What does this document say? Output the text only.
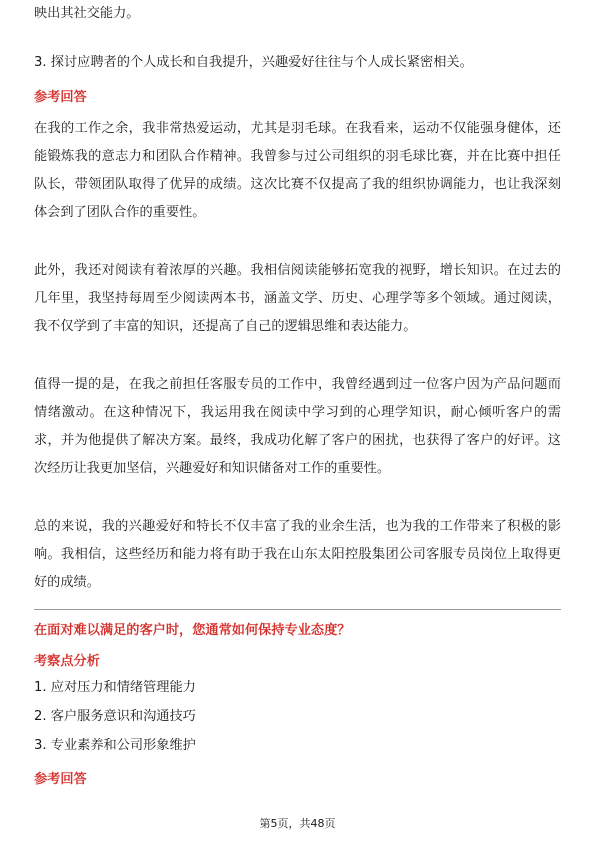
映出其社交能力。
3. 探讨应聘者的个人成长和自我提升，兴趣爱好往往与个人成长紧密相关。
参考回答
在我的工作之余，我非常热爱运动，尤其是羽毛球。在我看来，运动不仅能强身健体，还能锻炼我的意志力和团队合作精神。我曾参与过公司组织的羽毛球比赛，并在比赛中担任队长，带领团队取得了优异的成绩。这次比赛不仅提高了我的组织协调能力，也让我深刻体会到了团队合作的重要性。
此外，我还对阅读有着浓厚的兴趣。我相信阅读能够拓宽我的视野，增长知识。在过去的几年里，我坚持每周至少阅读两本书，涵盖文学、历史、心理学等多个领域。通过阅读，我不仅学到了丰富的知识，还提高了自己的逻辑思维和表达能力。
值得一提的是，在我之前担任客服专员的工作中，我曾经遇到过一位客户因为产品问题而情绪激动。在这种情况下，我运用我在阅读中学习到的心理学知识，耐心倾听客户的需求，并为他提供了解决方案。最终，我成功化解了客户的困扰，也获得了客户的好评。这次经历让我更加坚信，兴趣爱好和知识储备对工作的重要性。
总的来说，我的兴趣爱好和特长不仅丰富了我的业余生活，也为我的工作带来了积极的影响。我相信，这些经历和能力将有助于我在山东太阳控股集团公司客服专员岗位上取得更好的成绩。
在面对难以满足的客户时，您通常如何保持专业态度？
考察点分析
1. 应对压力和情绪管理能力
2. 客户服务意识和沟通技巧
3. 专业素养和公司形象维护
参考回答
第5页，共48页
